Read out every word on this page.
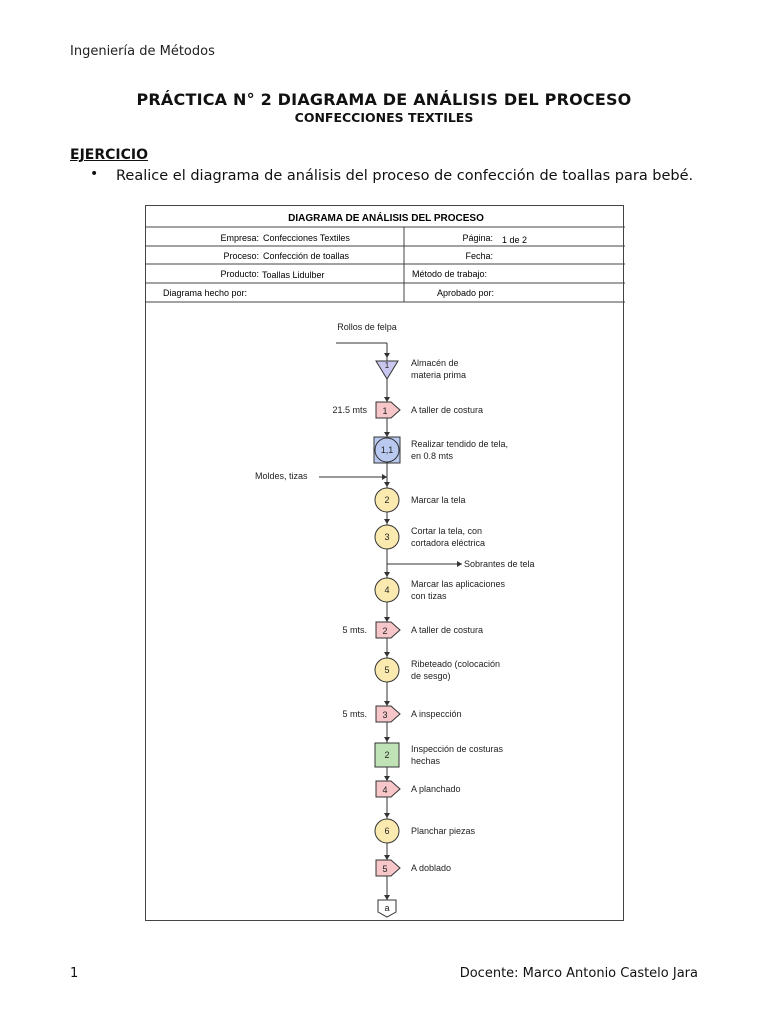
Ingeniería de Métodos
PRÁCTICA N° 2 DIAGRAMA DE ANÁLISIS DEL PROCESO
CONFECCIONES TEXTILES
EJERCICIO
• Realice el diagrama de análisis del proceso de confección de toallas para bebé.
DIAGRAMA DE ANÁLISIS DEL PROCESO
Empresa: Confecciones Textiles	Página: 1 de 2
Proceso: Confección de toallas	Fecha:
Producto: Toallas Lidulber	Método de trabajo:
Diagrama hecho por:	Aprobado por:
Rollos de felpa
Moldes, tizas
Sobrantes de tela
1 Almacén de
materia prima
1	A taller de costura
21.5 mts
1,1
Realizar tendido de tela,
en 0.8 mts
2 Marcar la tela
3
Cortar la tela, con
cortadora eléctrica
4
Marcar las aplicaciones
con tizas
2	A taller de costura
5 mts.
5
Ribeteado (colocación
de sesgo)
3	A inspección
5 mts.
2
Inspección de costuras
hechas
4	A planchado
6 Planchar piezas
5	A doblado
a
1	Docente: Marco Antonio Castelo Jara
